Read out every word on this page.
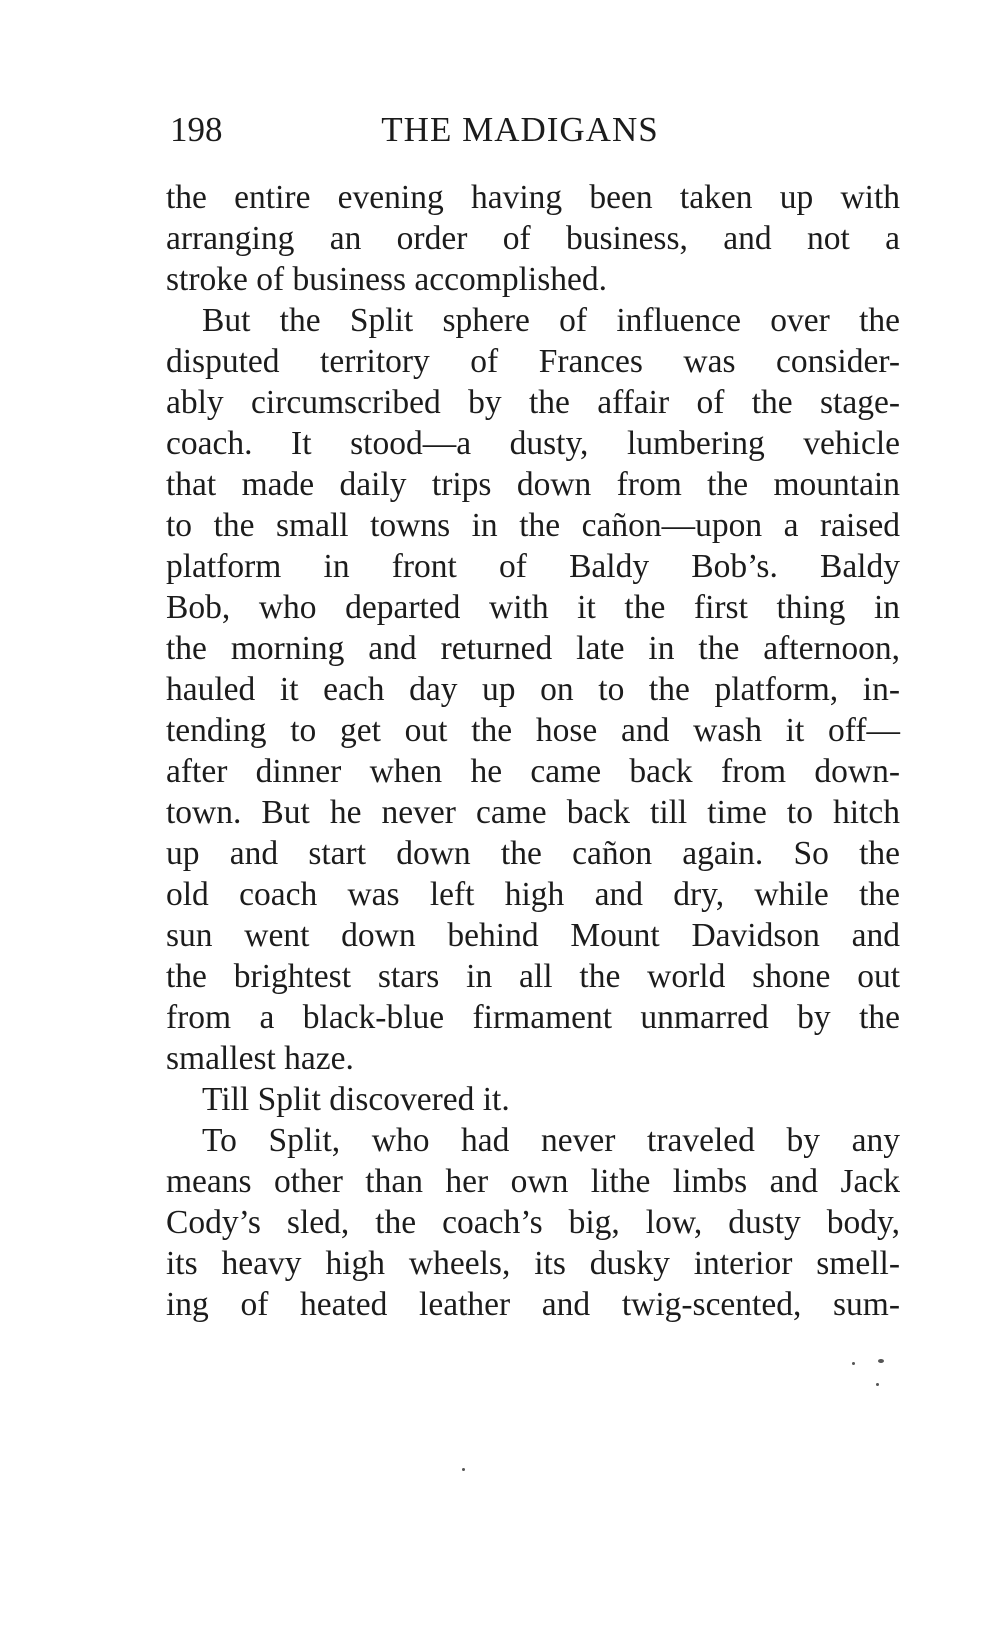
198	THE MADIGANS
the entire evening having been taken up with
arranging an order of business, and not a
stroke of business accomplished.
But the Split sphere of influence over the
disputed territory of Frances was consider-
ably circumscribed by the affair of the stage-
coach. It stood—a dusty, lumbering vehicle
that made daily trips down from the mountain
to the small towns in the cañon—upon a raised
platform in front of Baldy Bob’s. Baldy
Bob, who departed with it the first thing in
the morning and returned late in the afternoon,
hauled it each day up on to the platform, in-
tending to get out the hose and wash it off—
after dinner when he came back from down-
town. But he never came back till time to hitch
up and start down the cañon again. So the
old coach was left high and dry, while the
sun went down behind Mount Davidson and
the brightest stars in all the world shone out
from a black-blue firmament unmarred by the
smallest haze.
Till Split discovered it.
To Split, who had never traveled by any
means other than her own lithe limbs and Jack
Cody’s sled, the coach’s big, low, dusty body,
its heavy high wheels, its dusky interior smell-
ing of heated leather and twig-scented, sum-
